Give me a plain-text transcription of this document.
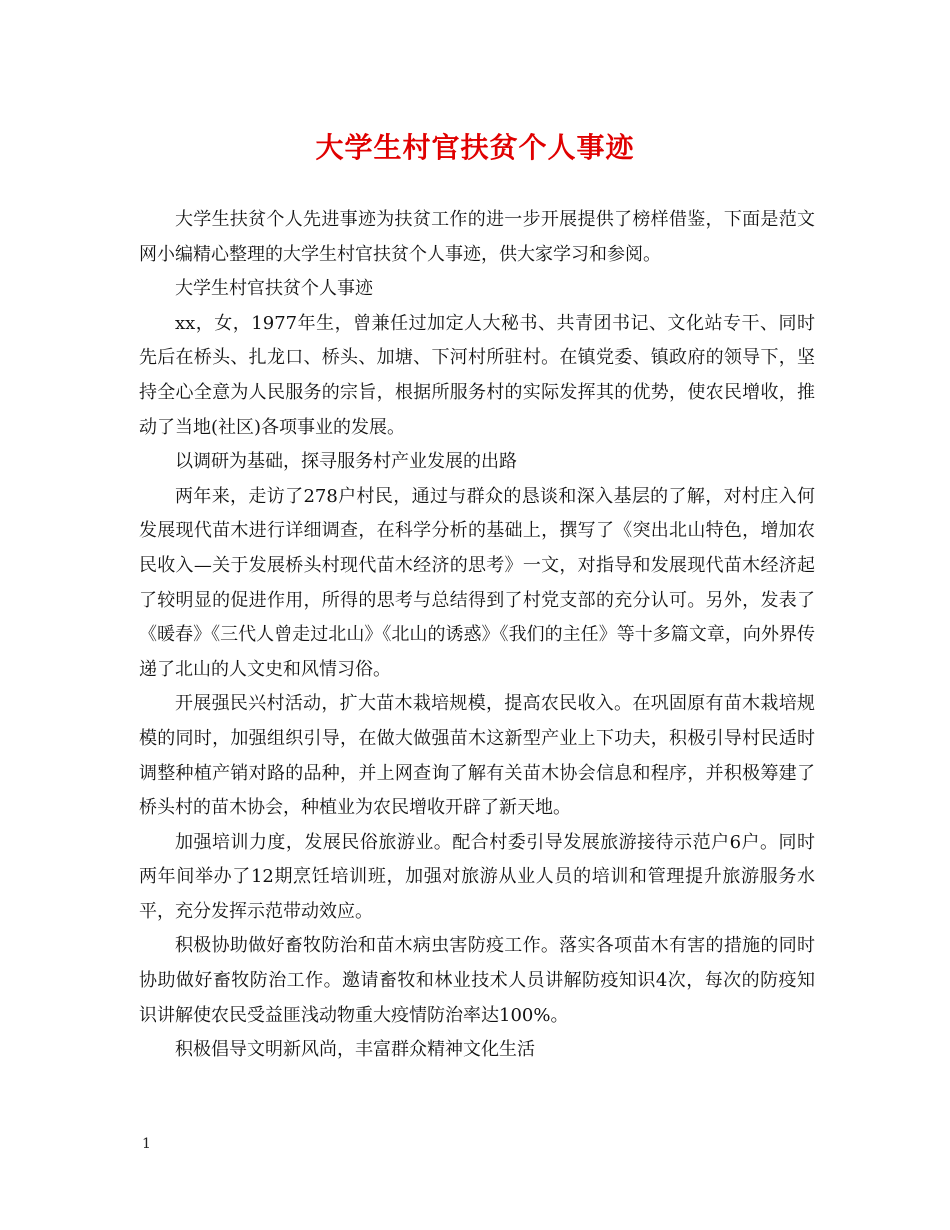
大学生村官扶贫个人事迹

大学生扶贫个人先进事迹为扶贫工作的进一步开展提供了榜样借鉴，下面是范文网小编精心整理的大学生村官扶贫个人事迹，供大家学习和参阅。

大学生村官扶贫个人事迹

xx，女，1977年生，曾兼任过加定人大秘书、共青团书记、文化站专干、同时先后在桥头、扎龙口、桥头、加塘、下河村所驻村。在镇党委、镇政府的领导下，坚持全心全意为人民服务的宗旨，根据所服务村的实际发挥其的优势，使农民增收，推动了当地(社区)各项事业的发展。

以调研为基础，探寻服务村产业发展的出路

两年来，走访了278户村民，通过与群众的恳谈和深入基层的了解，对村庄入何发展现代苗木进行详细调查，在科学分析的基础上，撰写了《突出北山特色，增加农民收入—关于发展桥头村现代苗木经济的思考》一文，对指导和发展现代苗木经济起了较明显的促进作用，所得的思考与总结得到了村党支部的充分认可。另外，发表了《暖春》《三代人曾走过北山》《北山的诱惑》《我们的主任》等十多篇文章，向外界传递了北山的人文史和风情习俗。

开展强民兴村活动，扩大苗木栽培规模，提高农民收入。在巩固原有苗木栽培规模的同时，加强组织引导，在做大做强苗木这新型产业上下功夫，积极引导村民适时调整种植产销对路的品种，并上网查询了解有关苗木协会信息和程序，并积极筹建了桥头村的苗木协会，种植业为农民增收开辟了新天地。

加强培训力度，发展民俗旅游业。配合村委引导发展旅游接待示范户6户。同时两年间举办了12期烹饪培训班，加强对旅游从业人员的培训和管理提升旅游服务水平，充分发挥示范带动效应。

积极协助做好畜牧防治和苗木病虫害防疫工作。落实各项苗木有害的措施的同时协助做好畜牧防治工作。邀请畜牧和林业技术人员讲解防疫知识4次，每次的防疫知识讲解使农民受益匪浅动物重大疫情防治率达100%。

积极倡导文明新风尚，丰富群众精神文化生活

1
